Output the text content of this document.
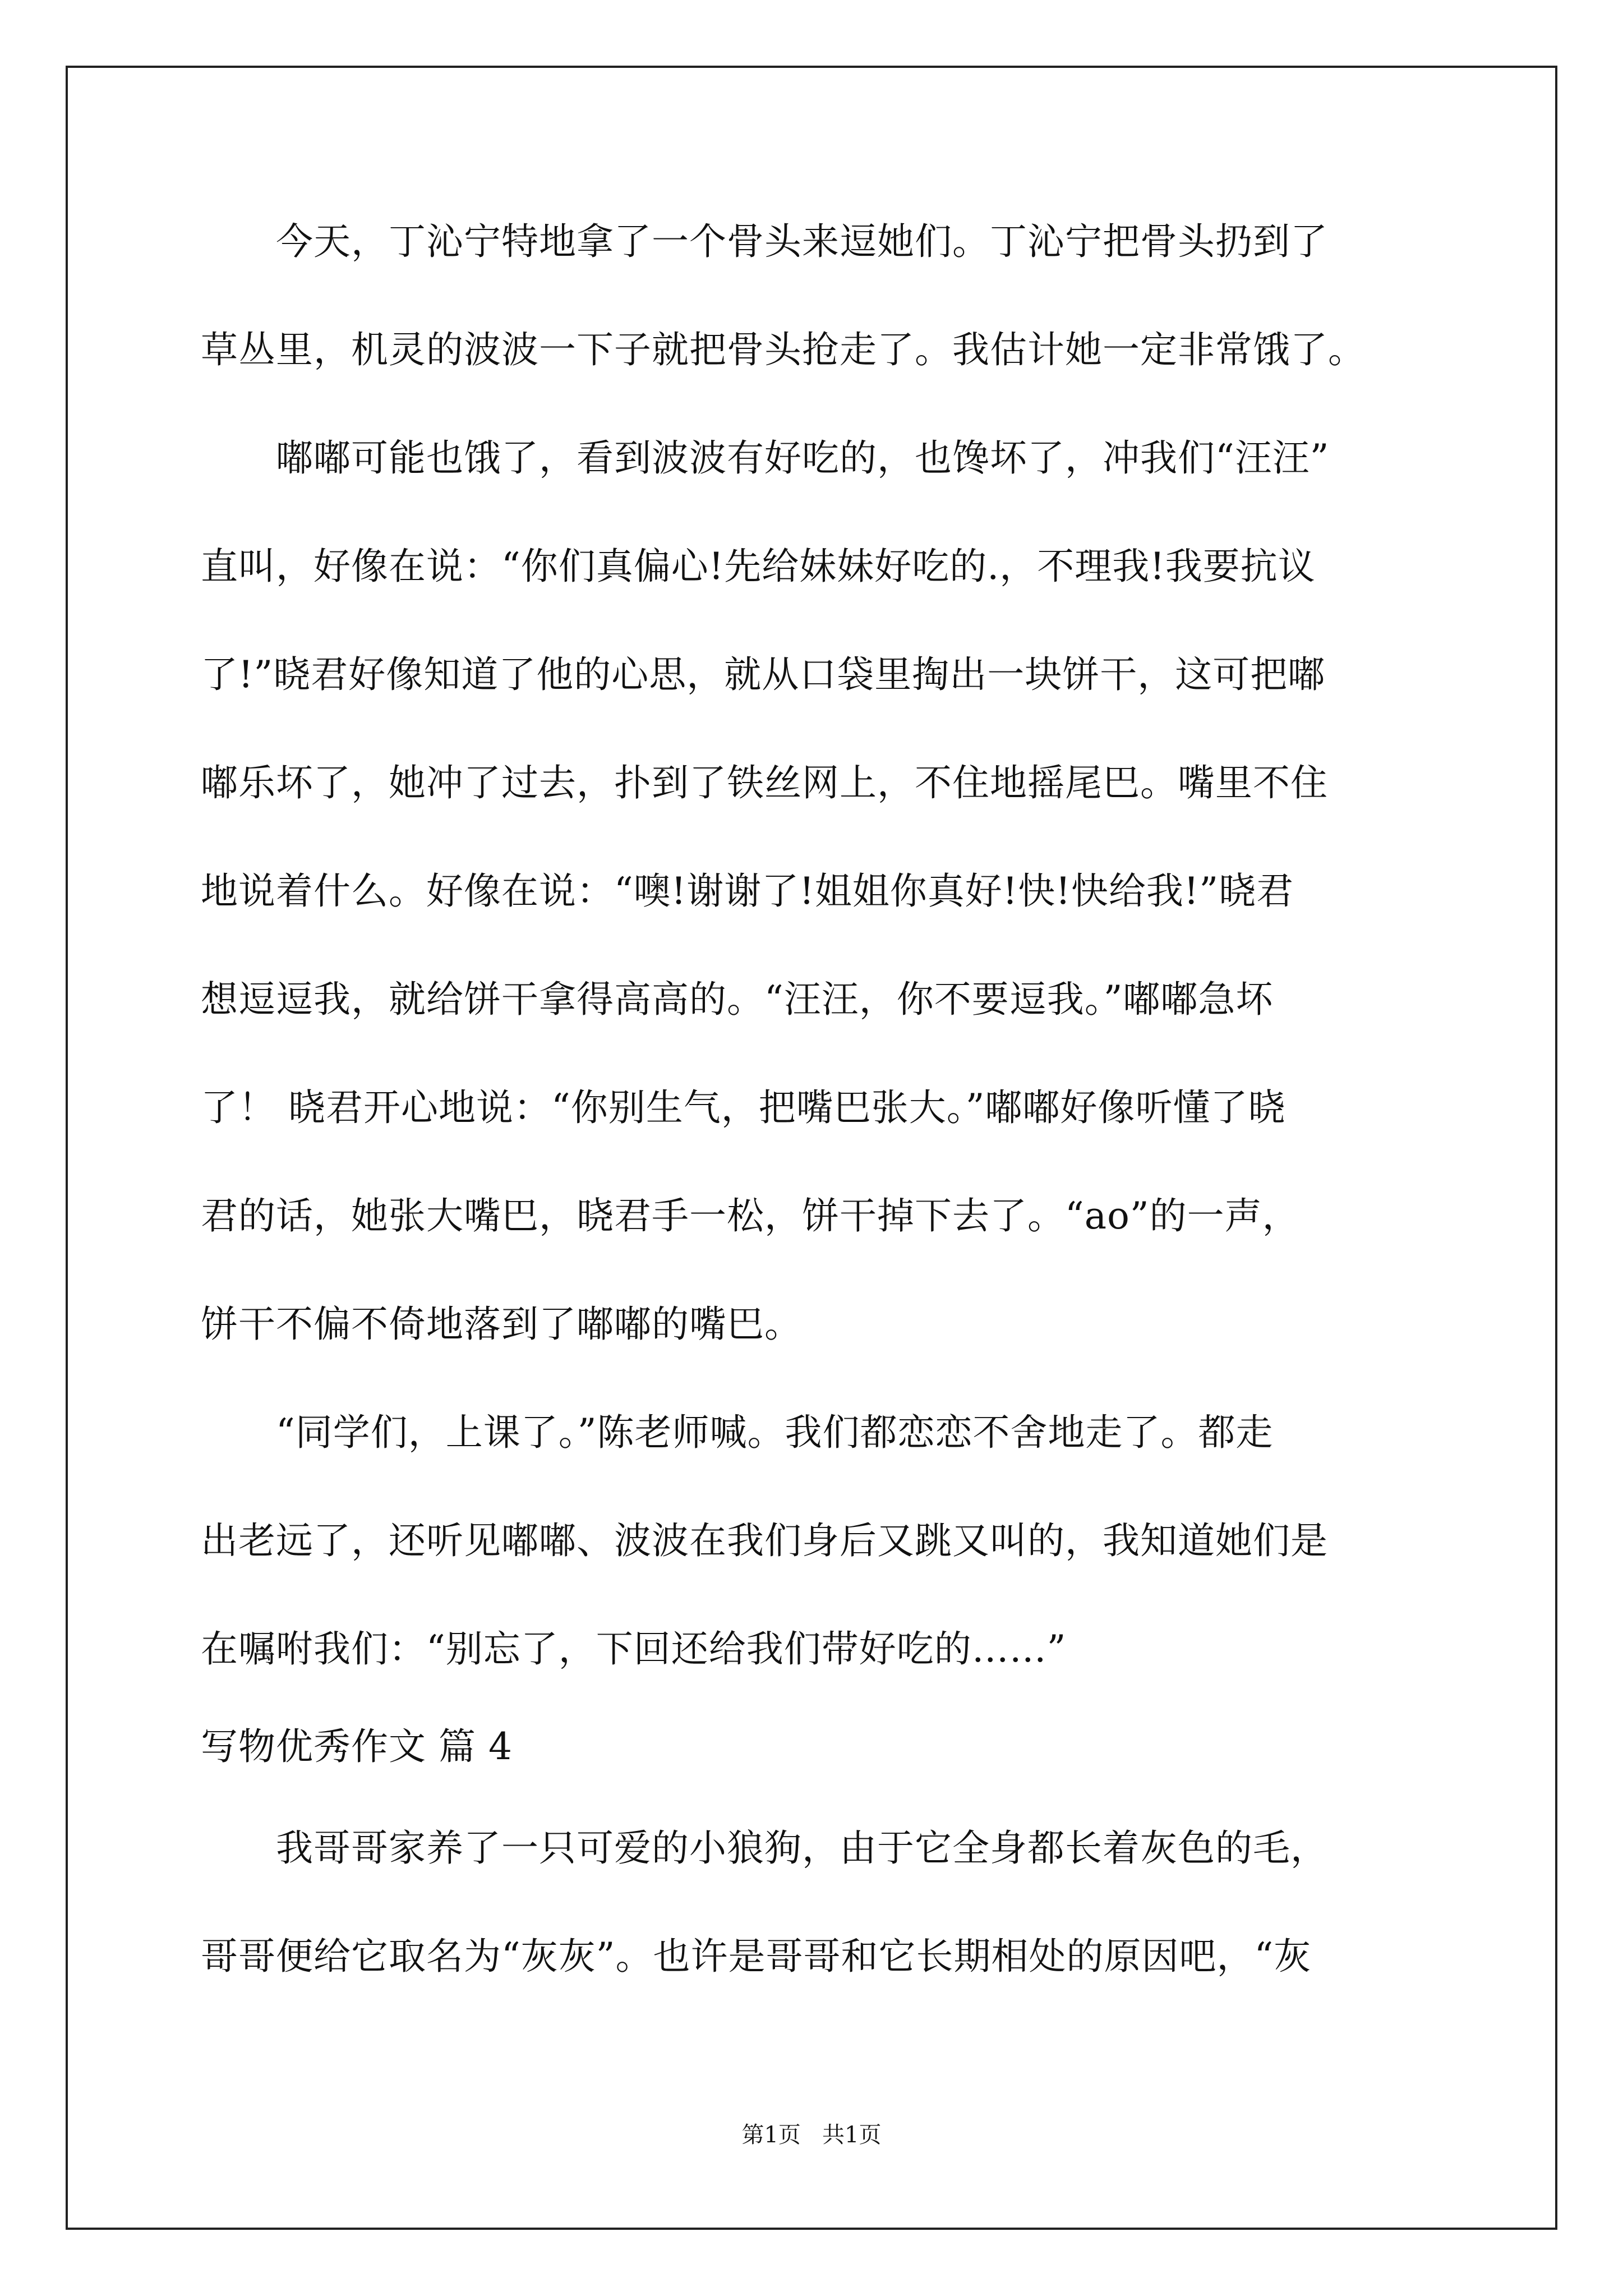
　　今天，丁沁宁特地拿了一个骨头来逗她们。丁沁宁把骨头扔到了
草丛里，机灵的波波一下子就把骨头抢走了。我估计她一定非常饿了。
　　嘟嘟可能也饿了，看到波波有好吃的，也馋坏了，冲我们“汪汪”
直叫，好像在说：“你们真偏心!先给妹妹好吃的.，不理我!我要抗议
了!”晓君好像知道了他的心思，就从口袋里掏出一块饼干，这可把嘟
嘟乐坏了，她冲了过去，扑到了铁丝网上，不住地摇尾巴。嘴里不住
地说着什么。好像在说：“噢!谢谢了!姐姐你真好!快!快给我!”晓君
想逗逗我，就给饼干拿得高高的。“汪汪，你不要逗我。”嘟嘟急坏
了！ 晓君开心地说：“你别生气，把嘴巴张大。”嘟嘟好像听懂了晓
君的话，她张大嘴巴，晓君手一松，饼干掉下去了。“ao”的一声，
饼干不偏不倚地落到了嘟嘟的嘴巴。
　　“同学们，上课了。”陈老师喊。我们都恋恋不舍地走了。都走
出老远了，还听见嘟嘟、波波在我们身后又跳又叫的，我知道她们是
在嘱咐我们：“别忘了，下回还给我们带好吃的……”
写物优秀作文 篇 4
　　我哥哥家养了一只可爱的小狼狗，由于它全身都长着灰色的毛，
哥哥便给它取名为“灰灰”。也许是哥哥和它长期相处的原因吧，“灰
第1页   共1页
